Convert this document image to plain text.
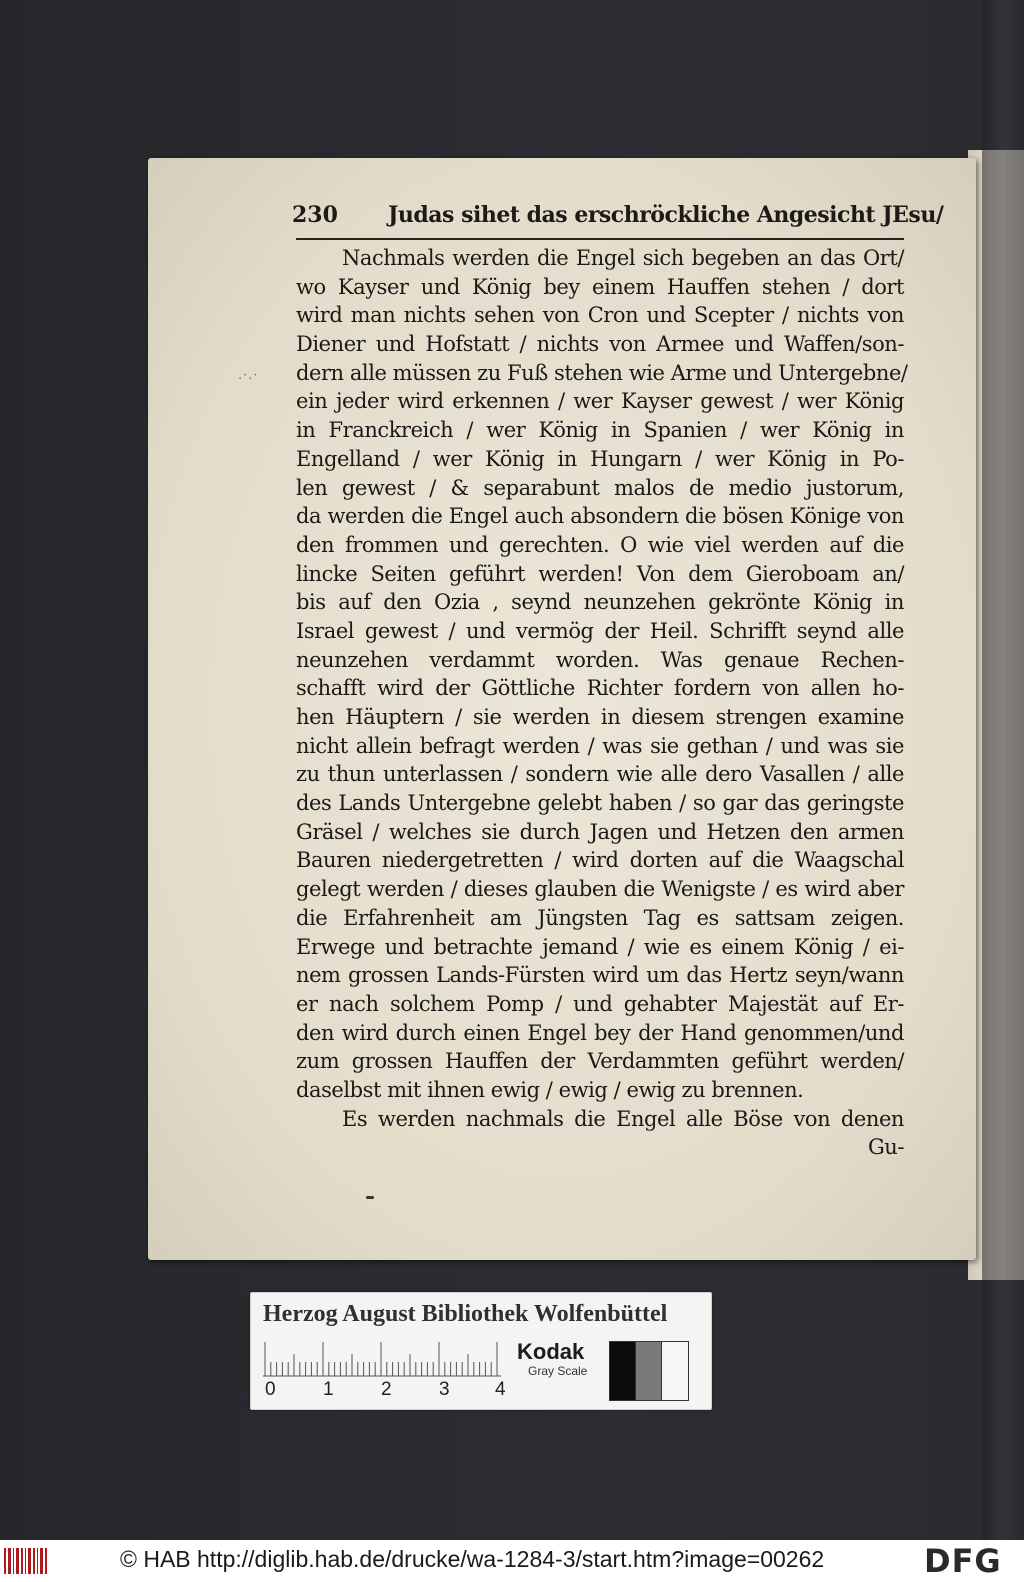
230 Judas sihet das erschröckliche Angesicht JEsu/
.·.·
Nachmals werden die Engel sich begeben an das Ort/
wo Kayser und König bey einem Hauffen stehen / dort
wird man nichts sehen von Cron und Scepter / nichts von
Diener und Hofstatt / nichts von Armee und Waffen/son-
dern alle müssen zu Fuß stehen wie Arme und Untergebne/
ein jeder wird erkennen / wer Kayser gewest / wer König
in Franckreich / wer König in Spanien / wer König in
Engelland / wer König in Hungarn / wer König in Po-
len gewest / & separabunt malos de medio justorum,
da werden die Engel auch absondern die bösen Könige von
den frommen und gerechten. O wie viel werden auf die
lincke Seiten geführt werden! Von dem Gieroboam an/
bis auf den Ozia , seynd neunzehen gekrönte König in
Israel gewest / und vermög der Heil. Schrifft seynd alle
neunzehen verdammt worden. Was genaue Rechen-
schafft wird der Göttliche Richter fordern von allen ho-
hen Häuptern / sie werden in diesem strengen examine
nicht allein befragt werden / was sie gethan / und was sie
zu thun unterlassen / sondern wie alle dero Vasallen / alle
des Lands Untergebne gelebt haben / so gar das geringste
Gräsel / welches sie durch Jagen und Hetzen den armen
Bauren niedergetretten / wird dorten auf die Waagschal
gelegt werden / dieses glauben die Wenigste / es wird aber
die Erfahrenheit am Jüngsten Tag es sattsam zeigen.
Erwege und betrachte jemand / wie es einem König / ei-
nem grossen Lands-Fürsten wird um das Hertz seyn/wann
er nach solchem Pomp / und gehabter Majestät auf Er-
den wird durch einen Engel bey der Hand genommen/und
zum grossen Hauffen der Verdammten geführt werden/
daselbst mit ihnen ewig / ewig / ewig zu brennen.
Es werden nachmals die Engel alle Böse von denen
Gu-
Herzog August Bibliothek Wolfenbüttel
0 1 2 3 4
Kodak
Gray Scale
© HAB http://diglib.hab.de/drucke/wa-1284-3/start.htm?image=00262	DFG
